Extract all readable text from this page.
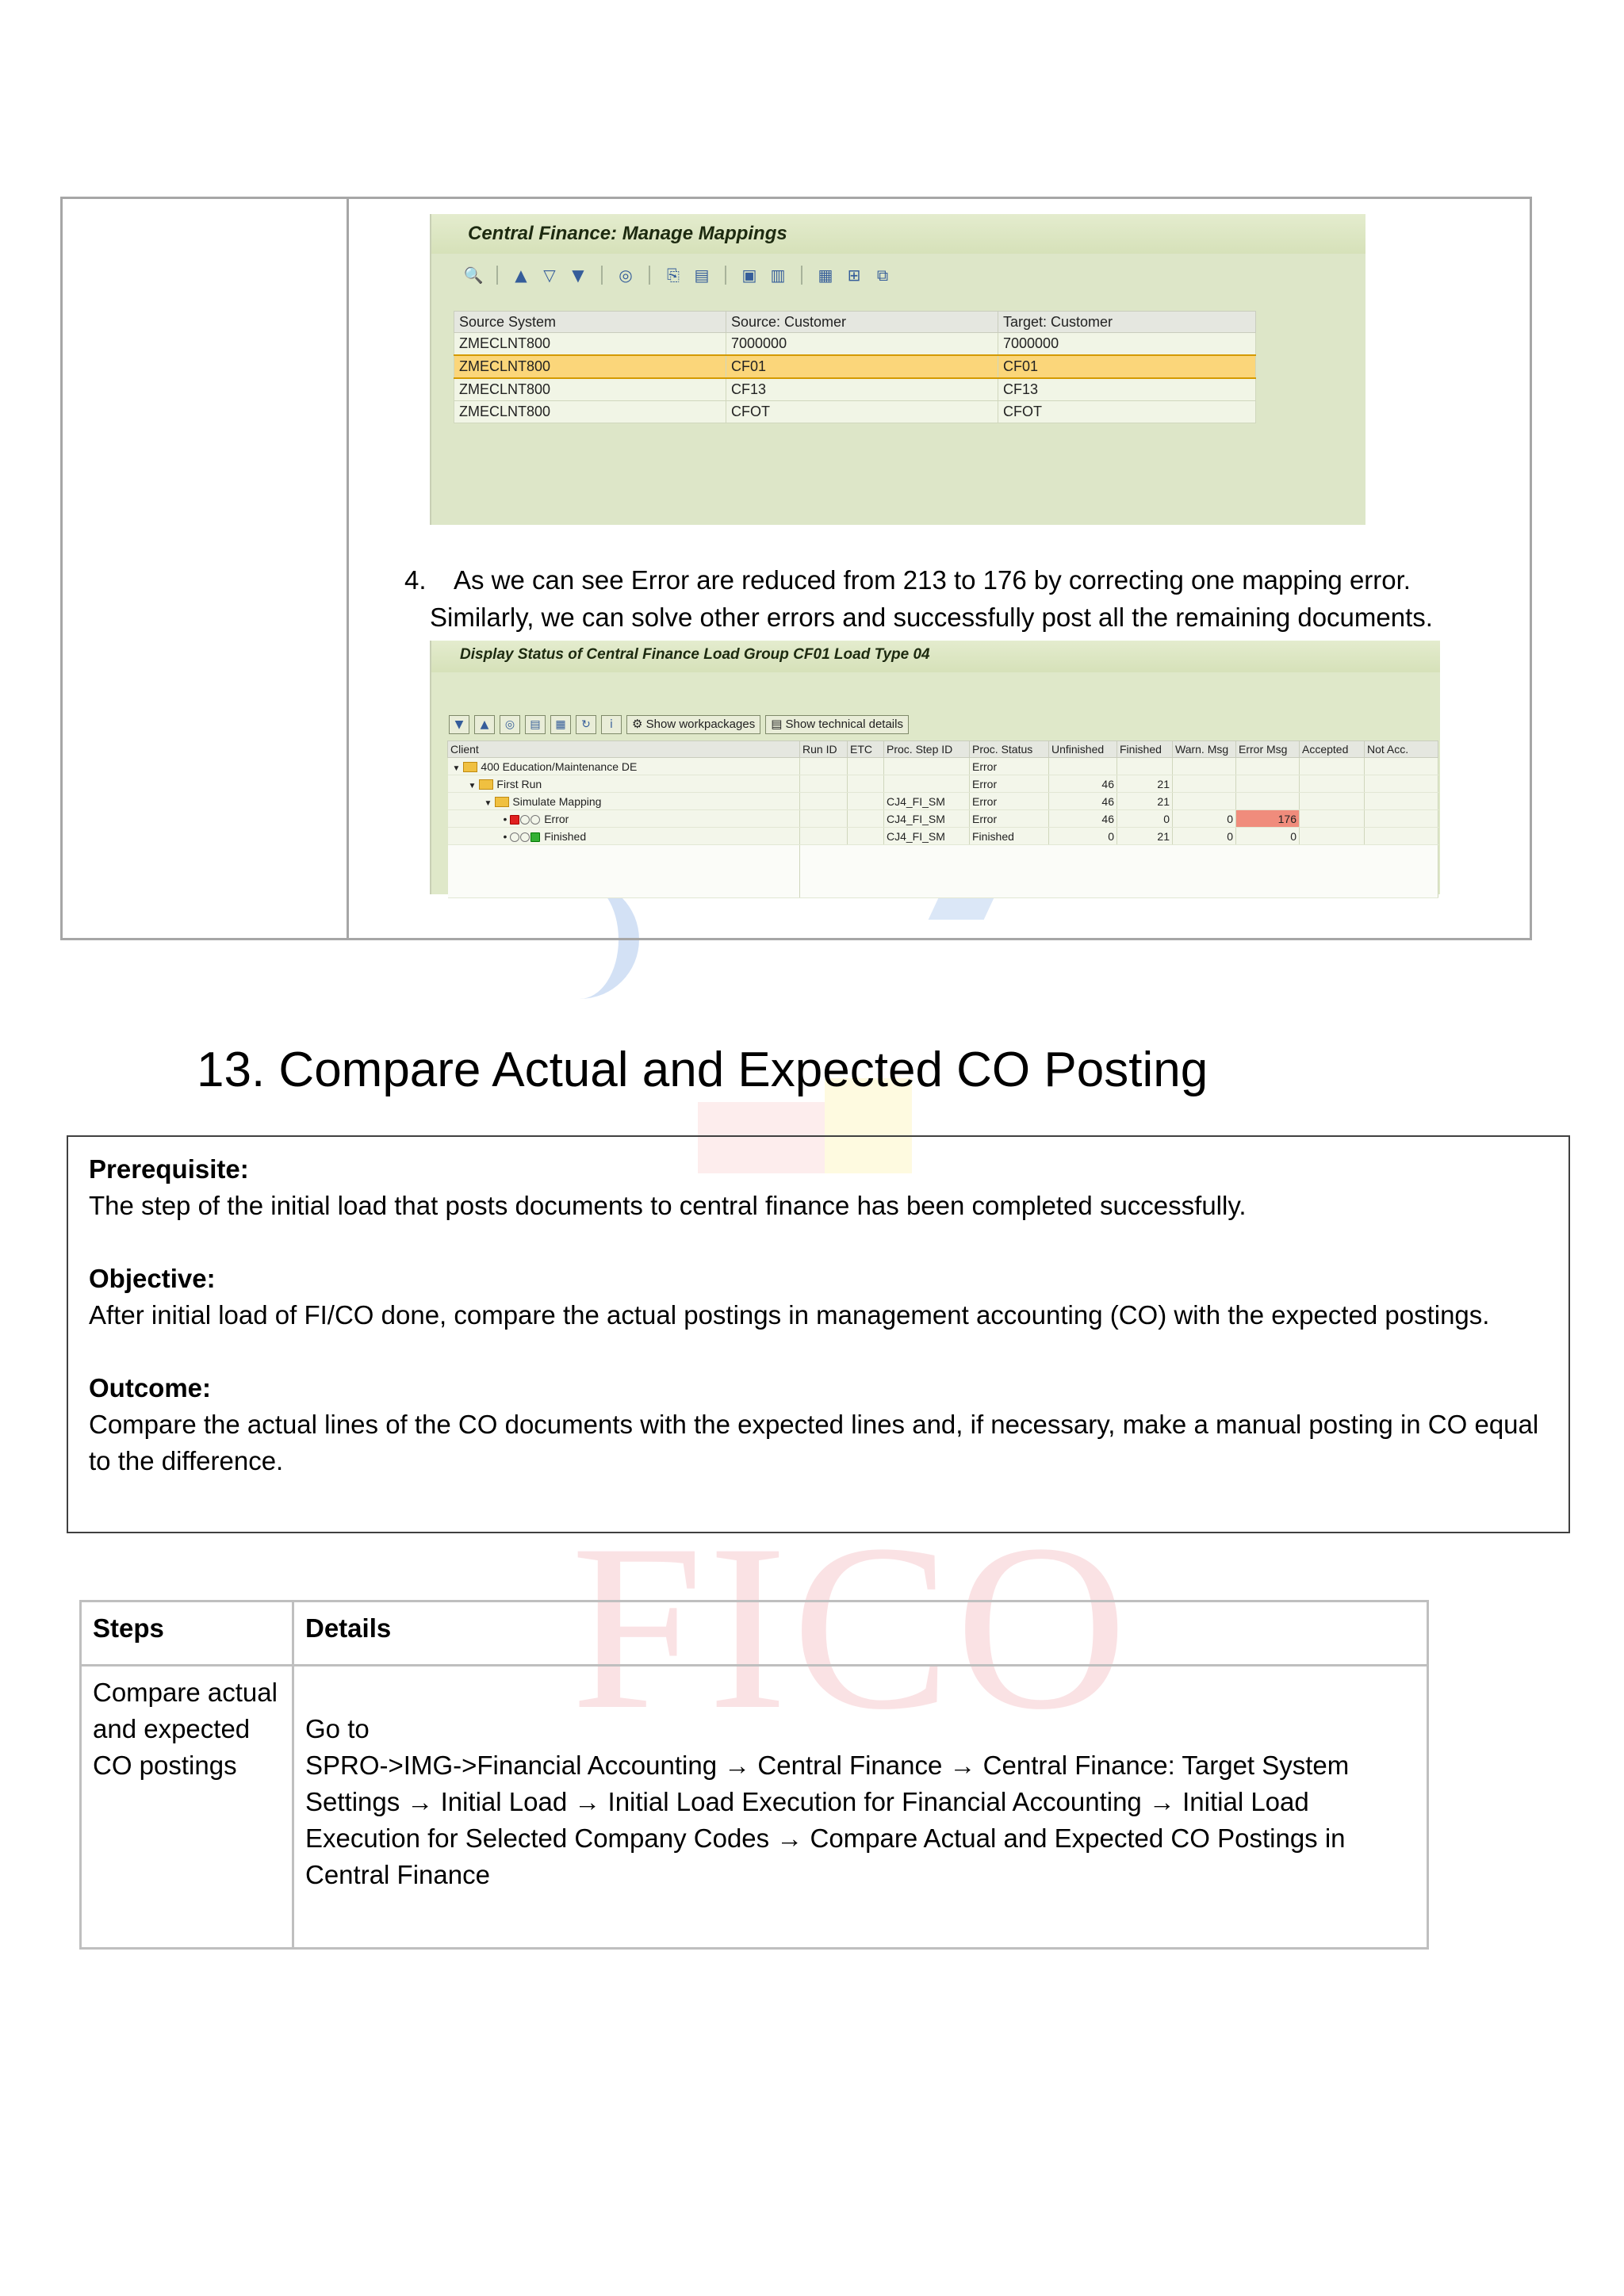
FICO
Central Finance: Manage Mappings
🔍 ▲ ▽ ▼ ◎ ⎘ ▤ ▣ ▥ ▦ ⊞ ⧉
Source System	Source: Customer	Target: Customer
ZMECLNT800	7000000	7000000
ZMECLNT800	CF01	CF01
ZMECLNT800	CF13	CF13
ZMECLNT800	CFOT	CFOT
4. As we can see Error are reduced from 213 to 176 by correcting one mapping error.
Similarly, we can solve other errors and successfully post all the remaining documents.
Display Status of Central Finance Load Group CF01 Load Type 04
▼	▲	◎	▤	▦	↻	i	⚙ Show workpackages	▤ Show technical details
Client	Run ID	ETC	Proc. Step ID	Proc. Status	Unfinished	Finished	Warn. Msg	Error Msg	Accepted	Not Acc.
▼ 400 Education/Maintenance DE				Error						
▼ First Run				Error	46	21				
▼ Simulate Mapping			CJ4_FI_SM	Error	46	21				
• Error			CJ4_FI_SM	Error	46	0	0	176		
• Finished			CJ4_FI_SM	Finished	0	21	0	0		

13. Compare Actual and Expected CO Posting

Prerequisite:

The step of the initial load that posts documents to central finance has been completed successfully.

Objective:

After initial load of FI/CO done, compare the actual postings in management accounting (CO) with the expected postings.

Outcome:

Compare the actual lines of the CO documents with the expected lines and, if necessary, make a manual posting in CO equal to the difference.

Steps	Details
Compare actual and expected CO postings	Go to
SPRO->IMG->Financial Accounting → Central Finance → Central Finance: Target System Settings → Initial Load → Initial Load Execution for Financial Accounting → Initial Load Execution for Selected Company Codes → Compare Actual and Expected CO Postings in Central Finance
